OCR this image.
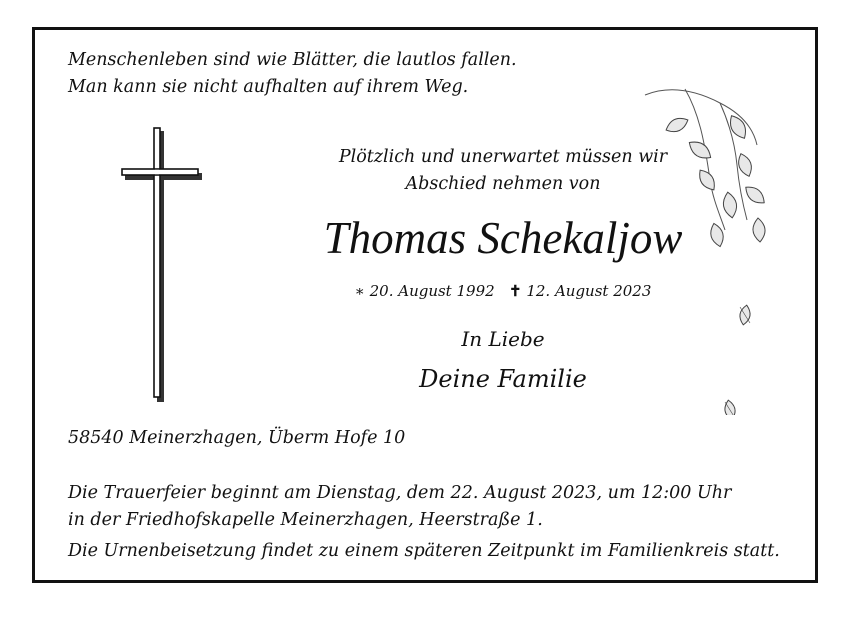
Menschenleben sind wie Blätter, die lautlos fallen.
Man kann sie nicht aufhalten auf ihrem Weg.
Plötzlich und unerwartet müssen wir
Abschied nehmen von
Thomas Schekaljow
∗ 20. August 1992 ✝ 12. August 2023
In Liebe
Deine Familie
58540 Meinerzhagen, Überm Hofe 10
Die Trauerfeier beginnt am Dienstag, dem 22. August 2023, um 12:00 Uhr
in der Friedhofskapelle Meinerzhagen, Heerstraße 1.
Die Urnenbeisetzung findet zu einem späteren Zeitpunkt im Familienkreis statt.
